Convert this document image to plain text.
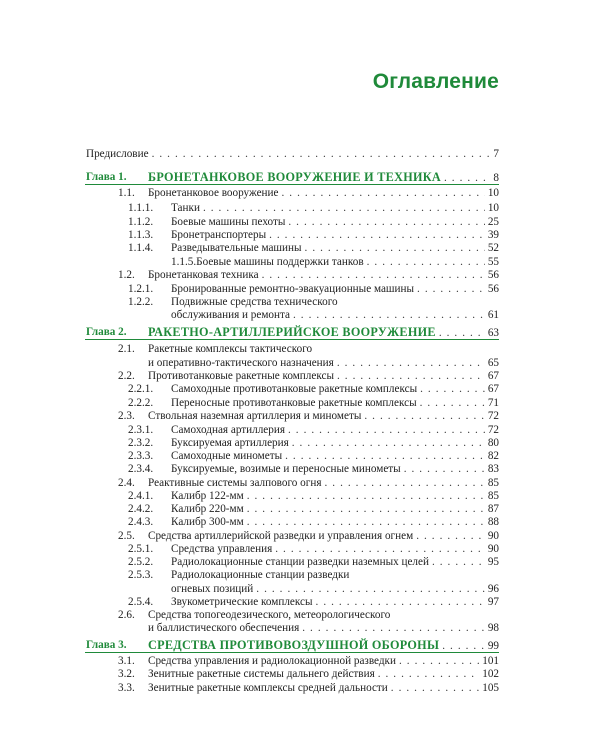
Оглавление
Предисловие . . .	7
Глава 1. БРОНЕТАНКОВОЕ ВООРУЖЕНИЕ И ТЕХНИКА . . .	8
1.1. Бронетанковое вооружение . . .	10
1.1.1. Танки . . .	10
1.1.2. Боевые машины пехоты . . .	25
1.1.3. Бронетранспортеры . . .	39
1.1.4. Разведывательные машины . . .	52
1.1.5.Боевые машины поддержки танков . . .	55
1.2. Бронетанковая техника . . .	56
1.2.1. Бронированные ремонтно-эвакуационные машины . . .	56
1.2.2. Подвижные средства технического
обслуживания и ремонта . . .	61
Глава 2. РАКЕТНО-АРТИЛЛЕРИЙСКОЕ ВООРУЖЕНИЕ . . .	63
2.1. Ракетные комплексы тактического
и оперативно-тактического назначения . . .	65
2.2. Противотанковые ракетные комплексы . . .	67
2.2.1. Самоходные противотанковые ракетные комплексы . . .	67
2.2.2. Переносные противотанковые ракетные комплексы . . .	71
2.3. Ствольная наземная артиллерия и минометы . . .	72
2.3.1. Самоходная артиллерия . . .	72
2.3.2. Буксируемая артиллерия . . .	80
2.3.3. Самоходные минометы . . .	82
2.3.4. Буксируемые, возимые и переносные минометы . . .	83
2.4. Реактивные системы залпового огня . . .	85
2.4.1. Калибр 122-мм . . .	85
2.4.2. Калибр 220-мм . . .	87
2.4.3. Калибр 300-мм . . .	88
2.5. Средства артиллерийской разведки и управления огнем . . .	90
2.5.1. Средства управления . . .	90
2.5.2. Радиолокационные станции разведки наземных целей . . .	95
2.5.3. Радиолокационные станции разведки
огневых позиций . . .	96
2.5.4. Звукометрические комплексы . . .	97
2.6. Средства топогеодезического, метеорологического
и баллистического обеспечения . . .	98
Глава 3. СРЕДСТВА ПРОТИВОВОЗДУШНОЙ ОБОРОНЫ . . .	99
3.1. Средства управления и радиолокационной разведки . . .	101
3.2. Зенитные ракетные системы дальнего действия . . .	102
3.3. Зенитные ракетные комплексы средней дальности . . .	105
